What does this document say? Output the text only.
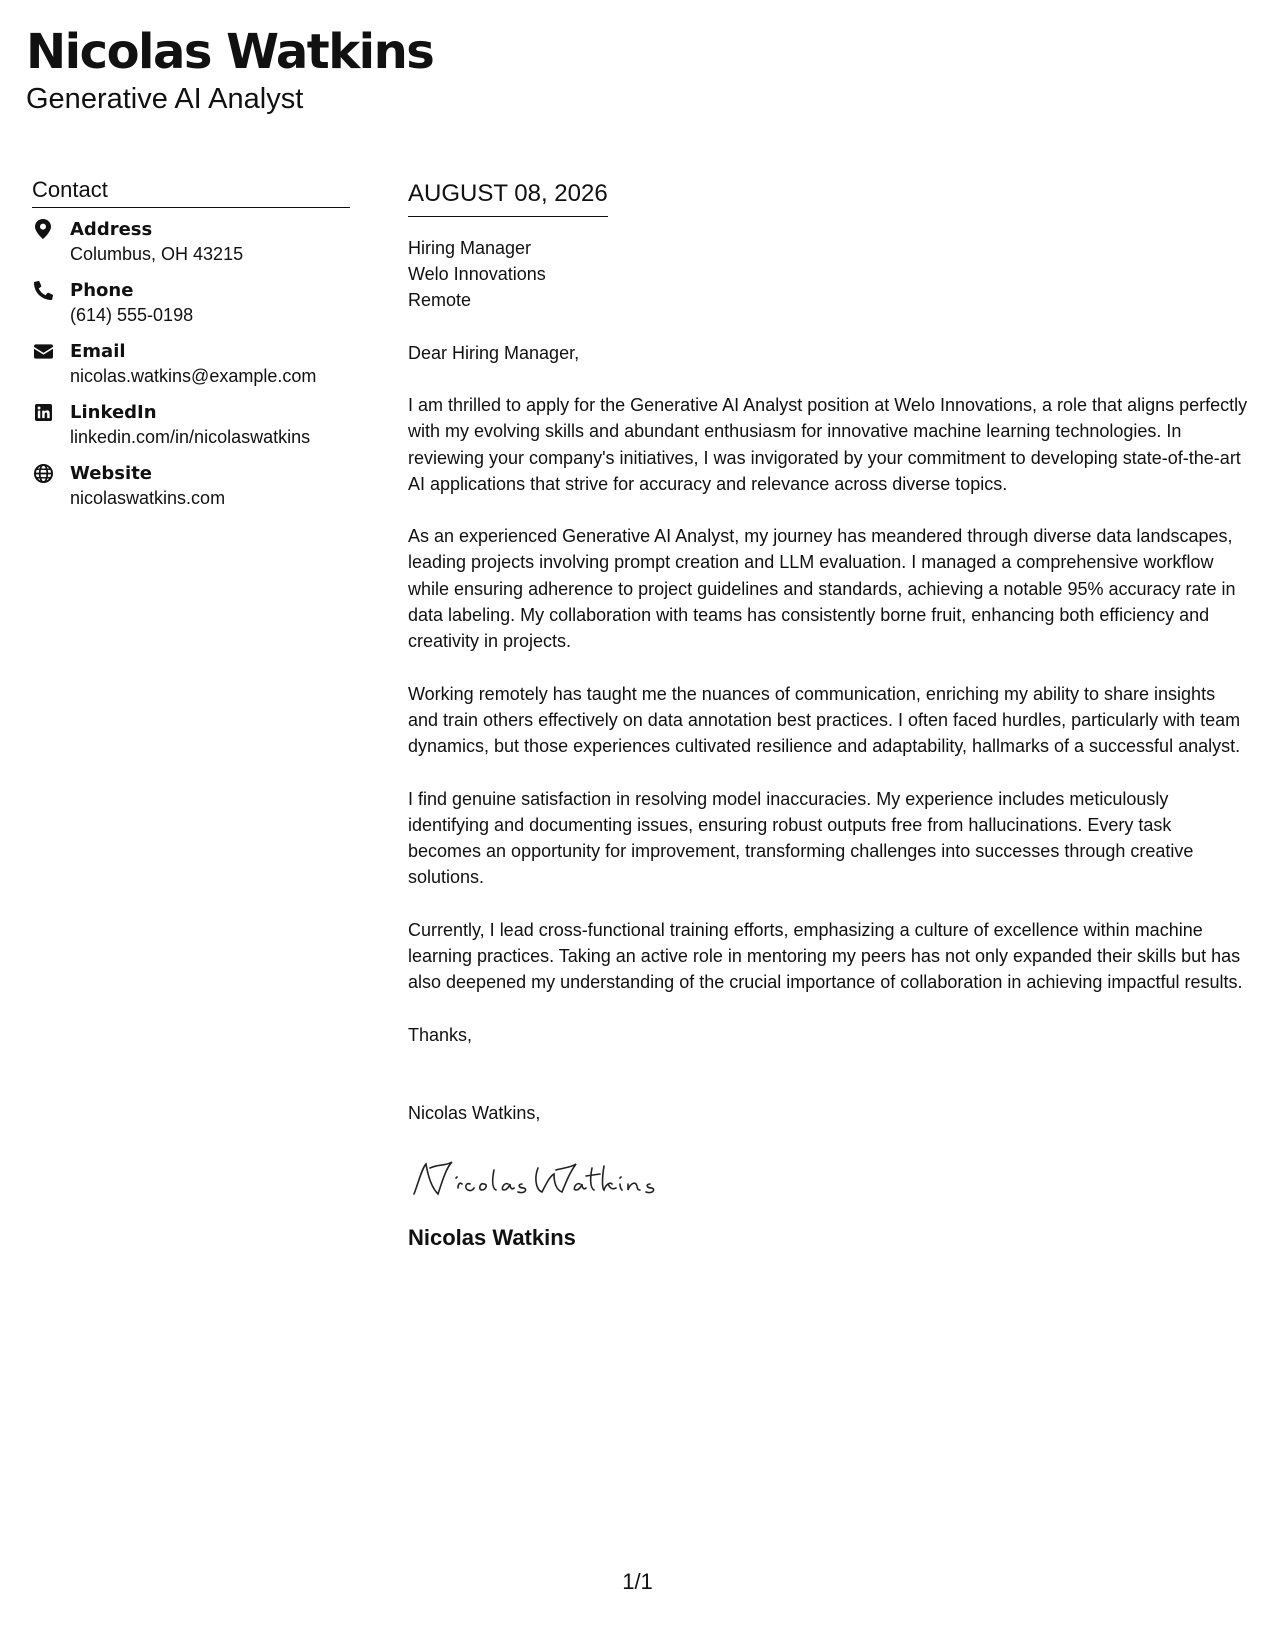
Nicolas Watkins
Generative AI Analyst
Contact
Address
Columbus, OH 43215
Phone
(614) 555-0198
Email
nicolas.watkins@example.com
LinkedIn
linkedin.com/in/nicolaswatkins
Website
nicolaswatkins.com
AUGUST 08, 2026
Hiring Manager
Welo Innovations
Remote
Dear Hiring Manager,

I am thrilled to apply for the Generative AI Analyst position at Welo Innovations, a role that aligns perfectly with my evolving skills and abundant enthusiasm for innovative machine learning technologies. In reviewing your company's initiatives, I was invigorated by your commitment to developing state-of-the-art AI applications that strive for accuracy and relevance across diverse topics.

As an experienced Generative AI Analyst, my journey has meandered through diverse data landscapes, leading projects involving prompt creation and LLM evaluation. I managed a comprehensive workflow while ensuring adherence to project guidelines and standards, achieving a notable 95% accuracy rate in data labeling. My collaboration with teams has consistently borne fruit, enhancing both efficiency and creativity in projects.

Working remotely has taught me the nuances of communication, enriching my ability to share insights and train others effectively on data annotation best practices. I often faced hurdles, particularly with team dynamics, but those experiences cultivated resilience and adaptability, hallmarks of a successful analyst.

I find genuine satisfaction in resolving model inaccuracies. My experience includes meticulously identifying and documenting issues, ensuring robust outputs free from hallucinations. Every task becomes an opportunity for improvement, transforming challenges into successes through creative solutions.

Currently, I lead cross-functional training efforts, emphasizing a culture of excellence within machine learning practices. Taking an active role in mentoring my peers has not only expanded their skills but has also deepened my understanding of the crucial importance of collaboration in achieving impactful results.

Thanks,
Nicolas Watkins,
Nicolas Watkins
1/1
